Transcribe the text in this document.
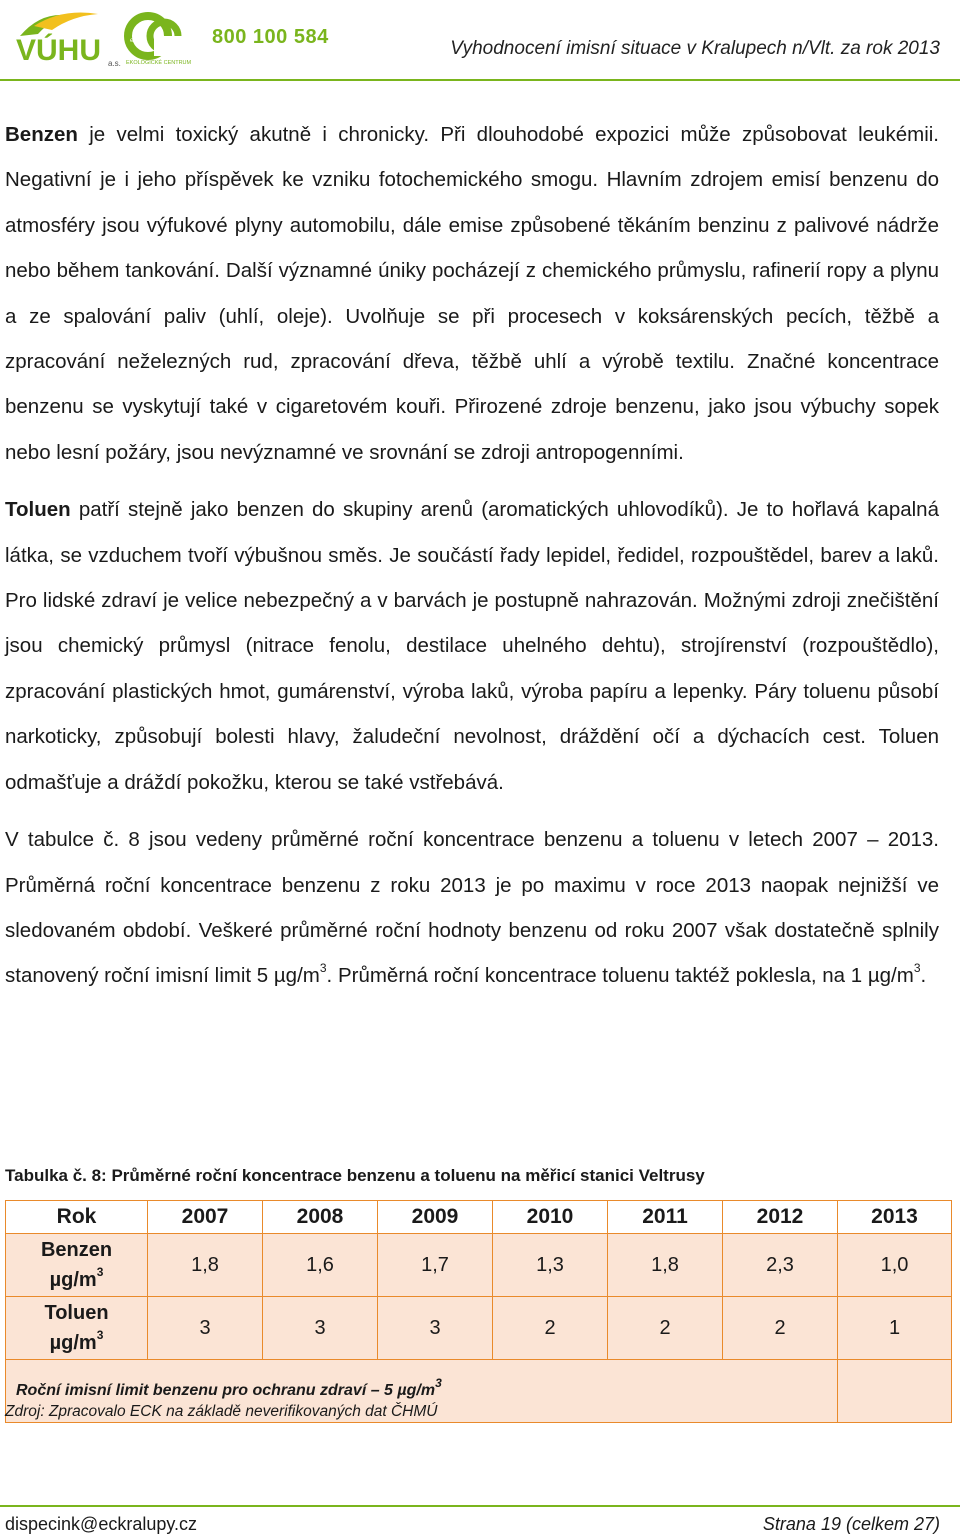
VÚHU a.s.
ecc
EKOLOGICKÉ CENTRUM
800 100 584
Vyhodnocení imisní situace v Kralupech n/Vlt. za rok 2013

Benzen je velmi toxický akutně i chronicky. Při dlouhodobé expozici může způsobovat leukémii. Negativní je i jeho příspěvek ke vzniku fotochemického smogu. Hlavním zdrojem emisí benzenu do atmosféry jsou výfukové plyny automobilu, dále emise způsobené těkáním benzinu z palivové nádrže nebo během tankování. Další významné úniky pocházejí z chemického průmyslu, rafinerií ropy a plynu a ze spalování paliv (uhlí, oleje). Uvolňuje se při procesech v koksárenských pecích, těžbě a zpracování neželezných rud, zpracování dřeva, těžbě uhlí a výrobě textilu. Značné koncentrace benzenu se vyskytují také v cigaretovém kouři. Přirozené zdroje benzenu, jako jsou výbuchy sopek nebo lesní požáry, jsou nevýznamné ve srovnání se zdroji antropogenními.

Toluen patří stejně jako benzen do skupiny arenů (aromatických uhlovodíků). Je to hořlavá kapalná látka, se vzduchem tvoří výbušnou směs. Je součástí řady lepidel, ředidel, rozpouštědel, barev a laků. Pro lidské zdraví je velice nebezpečný a v barvách je postupně nahrazován. Možnými zdroji znečištění jsou chemický průmysl (nitrace fenolu, destilace uhelného dehtu), strojírenství (rozpouštědlo), zpracování plastických hmot, gumárenství, výroba laků, výroba papíru a lepenky. Páry toluenu působí narkoticky, způsobují bolesti hlavy, žaludeční nevolnost, dráždění očí a dýchacích cest. Toluen odmašťuje a dráždí pokožku, kterou se také vstřebává.

V tabulce č. 8 jsou vedeny průměrné roční koncentrace benzenu a toluenu v letech 2007 – 2013. Průměrná roční koncentrace benzenu z roku 2013 je po maximu v roce 2013 naopak nejnižší ve sledovaném období. Veškeré průměrné roční hodnoty benzenu od roku 2007 však dostatečně splnily stanovený roční imisní limit 5 $\mu g/m^3$. Průměrná roční koncentrace toluenu taktéž poklesla, na 1 $\mu g/m^3$.

Tabulka č. 8: Průměrné roční koncentrace benzenu a toluenu na měřicí stanici Veltrusy
Rok	2007	2008	2009	2010	2011	2012	2013
Benzen
$\mu g/m^3$	1,8	1,6	1,7	1,3	1,8	2,3	1,0
Toluen
$\mu g/m^3$	3	3	3	2	2	2	1
Roční imisní limit benzenu pro ochranu zdraví – 5 $\mu g/m^3$	
Zdroj: Zpracovalo ECK na základě neverifikovaných dat ČHMÚ
dispecink@eckralupy.cz	Strana 19 (celkem 27)
